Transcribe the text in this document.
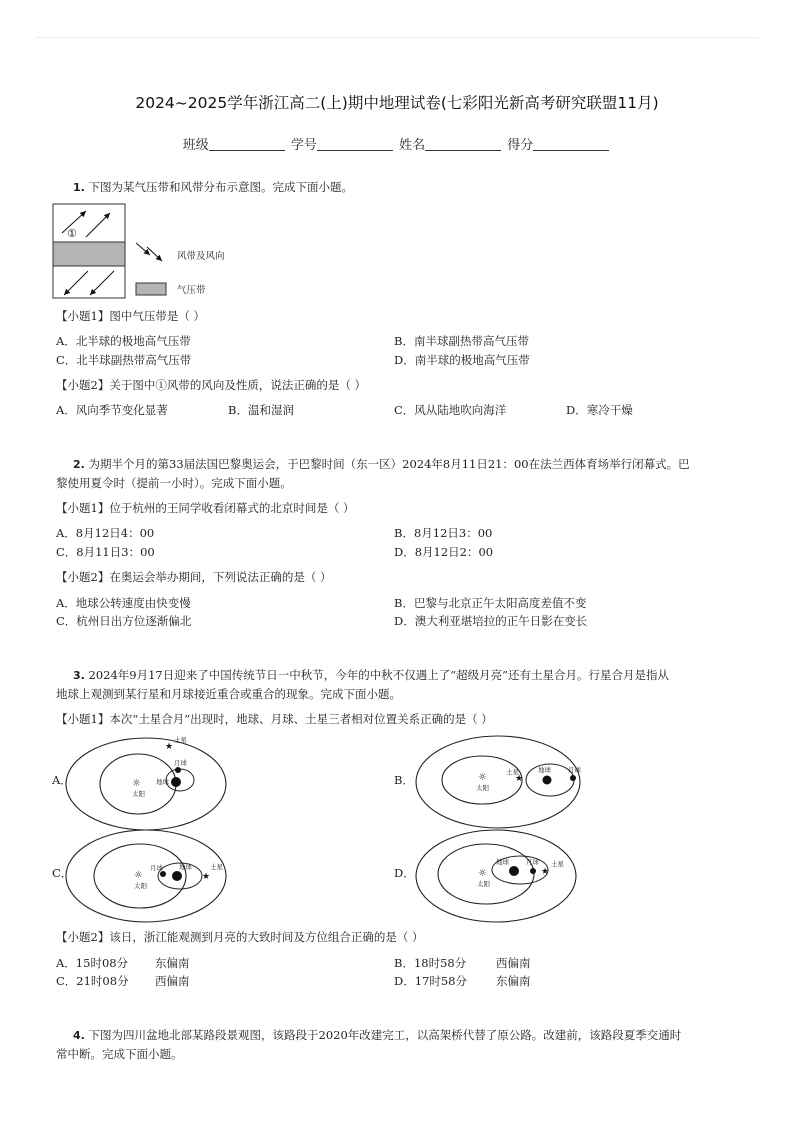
2024~2025学年浙江高二(上)期中地理试卷(七彩阳光新高考研究联盟11月)
班级	学号	姓名	得分
1. 下图为某气压带和风带分布示意图。完成下面小题。
①
风带及风向
气压带
【小题1】图中气压带是（ ）
A．北半球的极地高气压带	B．南半球副热带高气压带
C．北半球副热带高气压带	D．南半球的极地高气压带
【小题2】关于图中①风带的风向及性质，说法正确的是（ ）
A．风向季节变化显著	B．温和湿润	C．风从陆地吹向海洋	D．寒冷干燥
2. 为期半个月的第33届法国巴黎奥运会，于巴黎时间（东一区）2024年8月11日21：00在法兰西体育场举行闭幕式。巴
黎使用夏令时（提前一小时）。完成下面小题。
【小题1】位于杭州的王同学收看闭幕式的北京时间是（ ）
A．8月12日4：00	B．8月12日3：00
C．8月11日3：00	D．8月12日2：00
【小题2】在奥运会举办期间，下列说法正确的是（ ）
A．地球公转速度由快变慢	B．巴黎与北京正午太阳高度差值不变
C．杭州日出方位逐渐偏北	D．澳大利亚堪培拉的正午日影在变长
3. 2024年9月17日迎来了中国传统节日一中秋节，今年的中秋不仅遇上了“超级月亮”还有土星合月。行星合月是指从
地球上观测到某行星和月球接近重合或重合的现象。完成下面小题。
【小题1】本次“土星合月”出现时，地球、月球、土星三者相对位置关系正确的是（ ）
A．	☼
太阳
地球
月球
★
土星
B．	☼
太阳
★
土星	地球	月球
C．	☼
太阳
月球 地球
★
土星	D．	☼
太阳
地球	月球
★
土星
【小题2】该日，浙江能观测到月亮的大致时间及方位组合正确的是（ ）
A．15时08分 东偏南	B．18时58分	西偏南
C．21时08分 西偏南	D．17时58分	东偏南
4. 下图为四川盆地北部某路段景观图，该路段于2020年改建完工，以高架桥代替了原公路。改建前，该路段夏季交通时
常中断。完成下面小题。
